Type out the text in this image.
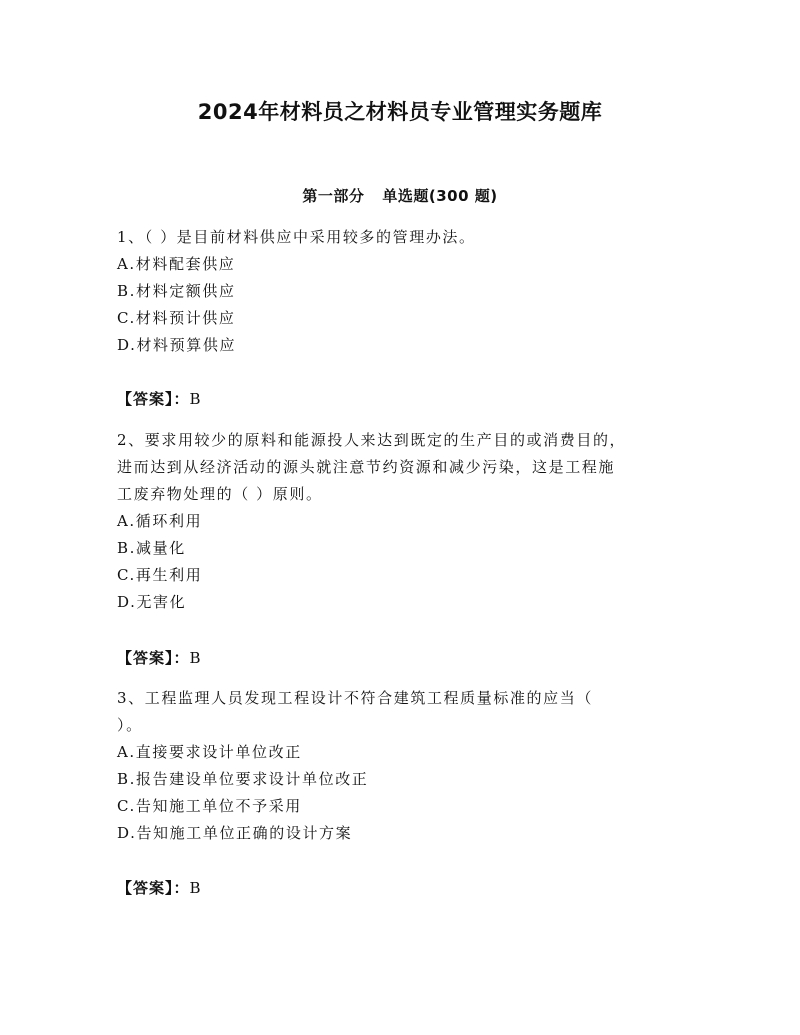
2024年材料员之材料员专业管理实务题库
第一部分 单选题(300 题)
1、（ ）是目前材料供应中采用较多的管理办法。
A.材料配套供应
B.材料定额供应
C.材料预计供应
D.材料预算供应
【答案】：B
2、要求用较少的原料和能源投人来达到既定的生产目的或消费目的，
进而达到从经济活动的源头就注意节约资源和减少污染，这是工程施
工废弃物处理的（ ）原则。
A.循环利用
B.减量化
C.再生利用
D.无害化
【答案】：B
3、工程监理人员发现工程设计不符合建筑工程质量标准的应当（
）。
A.直接要求设计单位改正
B.报告建设单位要求设计单位改正
C.告知施工单位不予采用
D.告知施工单位正确的设计方案
【答案】：B
